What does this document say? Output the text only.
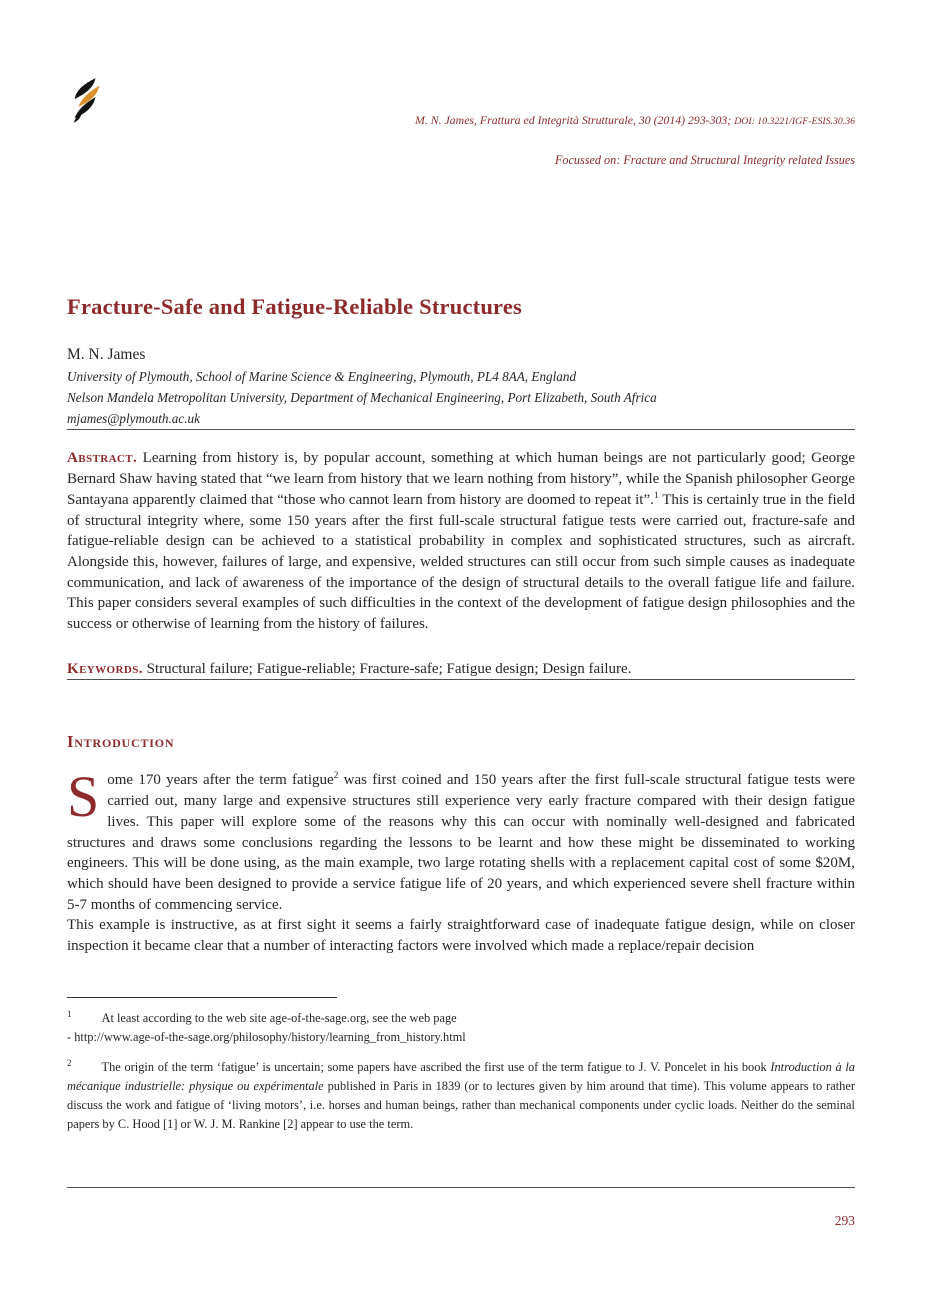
M. N. James, Frattura ed Integrità Strutturale, 30 (2014) 293-303; DOI: 10.3221/IGF-ESIS.30.36
Focussed on: Fracture and Structural Integrity related Issues
Fracture-Safe and Fatigue-Reliable Structures
M. N. James
University of Plymouth, School of Marine Science & Engineering, Plymouth, PL4 8AA, England
Nelson Mandela Metropolitan University, Department of Mechanical Engineering, Port Elizabeth, South Africa
mjames@plymouth.ac.uk

Abstract. Learning from history is, by popular account, something at which human beings are not particularly good; George Bernard Shaw having stated that “we learn from history that we learn nothing from history”, while the Spanish philosopher George Santayana apparently claimed that “those who cannot learn from history are doomed to repeat it”.$^1$ This is certainly true in the field of structural integrity where, some 150 years after the first full-scale structural fatigue tests were carried out, fracture-safe and fatigue-reliable design can be achieved to a statistical probability in complex and sophisticated structures, such as aircraft. Alongside this, however, failures of large, and expensive, welded structures can still occur from such simple causes as inadequate communication, and lack of awareness of the importance of the design of structural details to the overall fatigue life and failure. This paper considers several examples of such difficulties in the context of the development of fatigue design philosophies and the success or otherwise of learning from the history of failures.

Keywords. Structural failure; Fatigue-reliable; Fracture-safe; Fatigue design; Design failure.

Introduction

Some 170 years after the term fatigue$^2$ was first coined and 150 years after the first full-scale structural fatigue tests were carried out, many large and expensive structures still experience very early fracture compared with their design fatigue lives. This paper will explore some of the reasons why this can occur with nominally well-designed and fabricated structures and draws some conclusions regarding the lessons to be learnt and how these might be disseminated to working engineers. This will be done using, as the main example, two large rotating shells with a replacement capital cost of some $20M, which should have been designed to provide a service fatigue life of 20 years, and which experienced severe shell fracture within 5-7 months of commencing service.

This example is instructive, as at first sight it seems a fairly straightforward case of inadequate fatigue design, while on closer inspection it became clear that a number of interacting factors were involved which made a replace/repair decision

$^1$ At least according to the web site age-of-the-sage.org, see the web page
- http://www.age-of-the-sage.org/philosophy/history/learning_from_history.html
$^2$ The origin of the term ‘fatigue’ is uncertain; some papers have ascribed the first use of the term fatigue to J. V. Poncelet in his book Introduction à la mécanique industrielle: physique ou expérimentale published in Paris in 1839 (or to lectures given by him around that time). This volume appears to rather discuss the work and fatigue of ‘living motors’, i.e. horses and human beings, rather than mechanical components under cyclic loads. Neither do the seminal papers by C. Hood [1] or W. J. M. Rankine [2] appear to use the term.
293
